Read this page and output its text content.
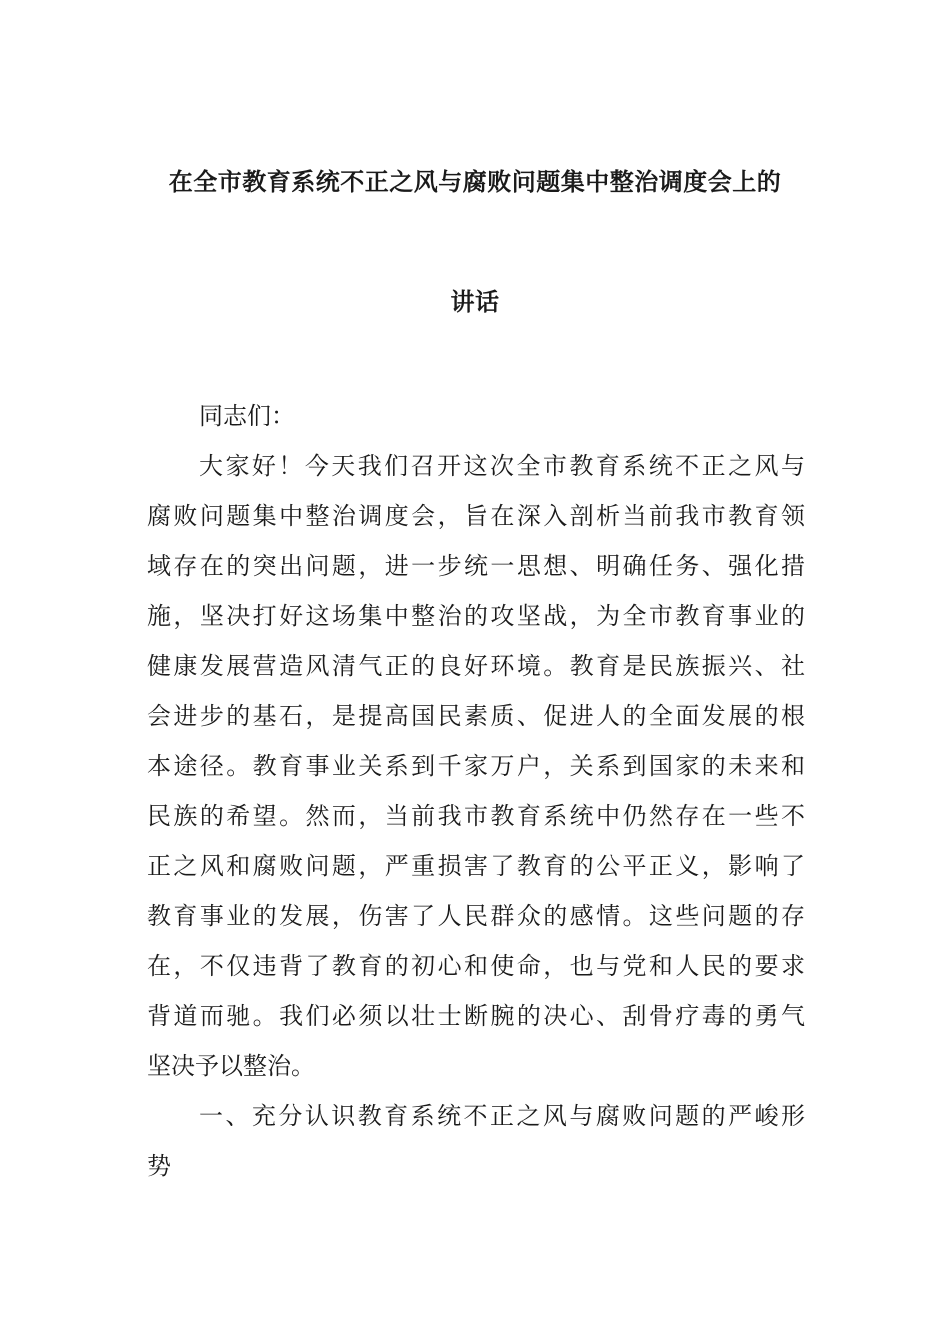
在全市教育系统不正之风与腐败问题集中整治调度会上的
讲话
同志们：
大家好！今天我们召开这次全市教育系统不正之风与
腐败问题集中整治调度会，旨在深入剖析当前我市教育领
域存在的突出问题，进一步统一思想、明确任务、强化措
施，坚决打好这场集中整治的攻坚战，为全市教育事业的
健康发展营造风清气正的良好环境。教育是民族振兴、社
会进步的基石，是提高国民素质、促进人的全面发展的根
本途径。教育事业关系到千家万户，关系到国家的未来和
民族的希望。然而，当前我市教育系统中仍然存在一些不
正之风和腐败问题，严重损害了教育的公平正义，影响了
教育事业的发展，伤害了人民群众的感情。这些问题的存
在，不仅违背了教育的初心和使命，也与党和人民的要求
背道而驰。我们必须以壮士断腕的决心、刮骨疗毒的勇气
坚决予以整治。
一、充分认识教育系统不正之风与腐败问题的严峻形
势
